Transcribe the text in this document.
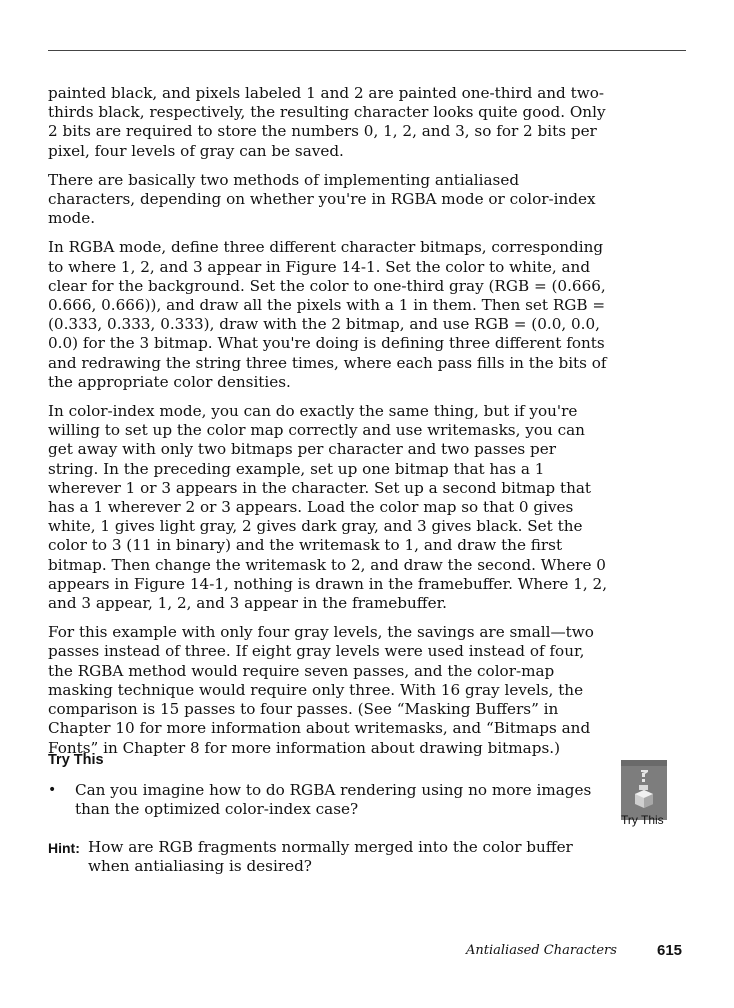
painted black, and pixels labeled 1 and 2 are painted one-third and two-thirds black, respectively, the resulting character looks quite good. Only 2 bits are required to store the numbers 0, 1, 2, and 3, so for 2 bits per pixel, four levels of gray can be saved.

There are basically two methods of implementing antialiased characters, depending on whether you're in RGBA mode or color-index mode.

In RGBA mode, define three different character bitmaps, corresponding to where 1, 2, and 3 appear in Figure 14-1. Set the color to white, and clear for the background. Set the color to one-third gray (RGB = (0.666, 0.666, 0.666)), and draw all the pixels with a 1 in them. Then set RGB = (0.333, 0.333, 0.333), draw with the 2 bitmap, and use RGB = (0.0, 0.0, 0.0) for the 3 bitmap. What you're doing is defining three different fonts and redrawing the string three times, where each pass fills in the bits of the appropriate color densities.

In color-index mode, you can do exactly the same thing, but if you're willing to set up the color map correctly and use writemasks, you can get away with only two bitmaps per character and two passes per string. In the preceding example, set up one bitmap that has a 1 wherever 1 or 3 appears in the character. Set up a second bitmap that has a 1 wherever 2 or 3 appears. Load the color map so that 0 gives white, 1 gives light gray, 2 gives dark gray, and 3 gives black. Set the color to 3 (11 in binary) and the writemask to 1, and draw the first bitmap. Then change the writemask to 2, and draw the second. Where 0 appears in Figure 14-1, nothing is drawn in the framebuffer. Where 1, 2, and 3 appear, 1, 2, and 3 appear in the framebuffer.

For this example with only four gray levels, the savings are small—two passes instead of three. If eight gray levels were used instead of four, the RGBA method would require seven passes, and the color-map masking technique would require only three. With 16 gray levels, the comparison is 15 passes to four passes. (See “Masking Buffers” in Chapter 10 for more information about writemasks, and “Bitmaps and Fonts” in Chapter 8 for more information about drawing bitmaps.)

Try This
• Can you imagine how to do RGBA rendering using no more images than the optimized color-index case?
Try This
Hint: How are RGB fragments normally merged into the color buffer when antialiasing is desired?
Antialiased Characters	615
